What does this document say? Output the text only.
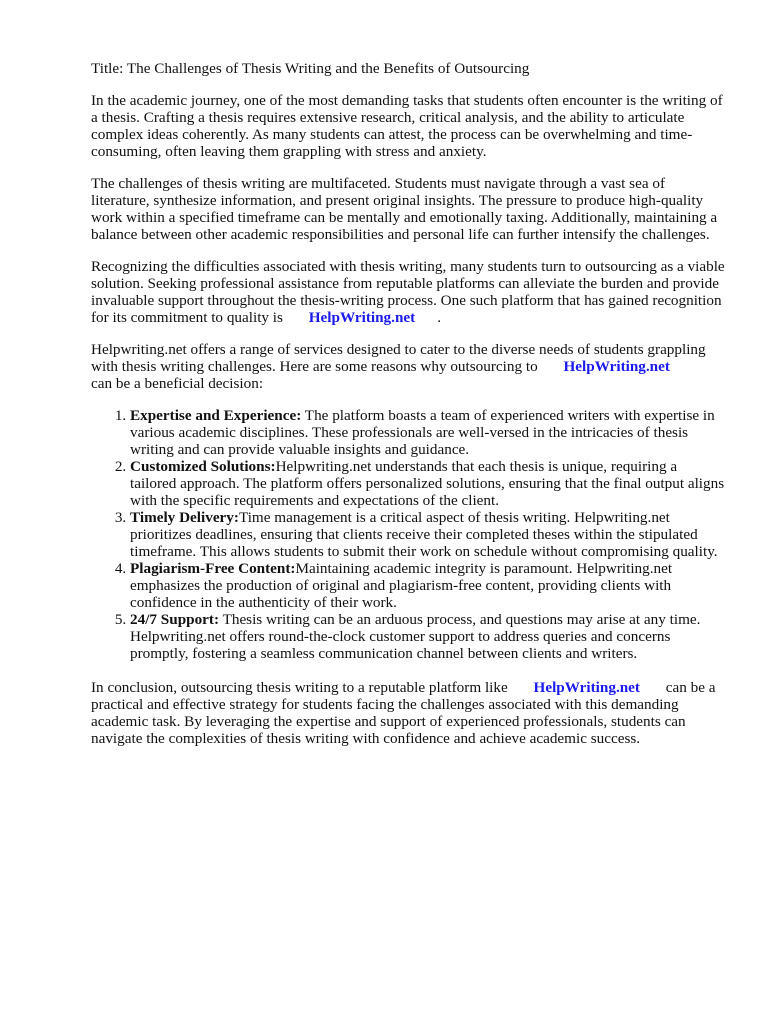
Title: The Challenges of Thesis Writing and the Benefits of Outsourcing

In the academic journey, one of the most demanding tasks that students often encounter is the writing of a thesis. Crafting a thesis requires extensive research, critical analysis, and the ability to articulate complex ideas coherently. As many students can attest, the process can be overwhelming and time-consuming, often leaving them grappling with stress and anxiety.

The challenges of thesis writing are multifaceted. Students must navigate through a vast sea of literature, synthesize information, and present original insights. The pressure to produce high-quality work within a specified timeframe can be mentally and emotionally taxing. Additionally, maintaining a balance between other academic responsibilities and personal life can further intensify the challenges.

Recognizing the difficulties associated with thesis writing, many students turn to outsourcing as a viable solution. Seeking professional assistance from reputable platforms can alleviate the burden and provide invaluable support throughout the thesis-writing process. One such platform that has gained recognition for its commitment to quality is HelpWriting.net .

Helpwriting.net offers a range of services designed to cater to the diverse needs of students grappling with thesis writing challenges. Here are some reasons why outsourcing to HelpWriting.net
can be a beneficial decision:

1. Expertise and Experience: The platform boasts a team of experienced writers with expertise in various academic disciplines. These professionals are well-versed in the intricacies of thesis writing and can provide valuable insights and guidance.
2. Customized Solutions:Helpwriting.net understands that each thesis is unique, requiring a tailored approach. The platform offers personalized solutions, ensuring that the final output aligns with the specific requirements and expectations of the client.
3. Timely Delivery:Time management is a critical aspect of thesis writing. Helpwriting.net prioritizes deadlines, ensuring that clients receive their completed theses within the stipulated timeframe. This allows students to submit their work on schedule without compromising quality.
4. Plagiarism-Free Content:Maintaining academic integrity is paramount. Helpwriting.net emphasizes the production of original and plagiarism-free content, providing clients with confidence in the authenticity of their work.
5. 24/7 Support: Thesis writing can be an arduous process, and questions may arise at any time. Helpwriting.net offers round-the-clock customer support to address queries and concerns promptly, fostering a seamless communication channel between clients and writers.

In conclusion, outsourcing thesis writing to a reputable platform like HelpWriting.net can be a practical and effective strategy for students facing the challenges associated with this demanding academic task. By leveraging the expertise and support of experienced professionals, students can navigate the complexities of thesis writing with confidence and achieve academic success.
